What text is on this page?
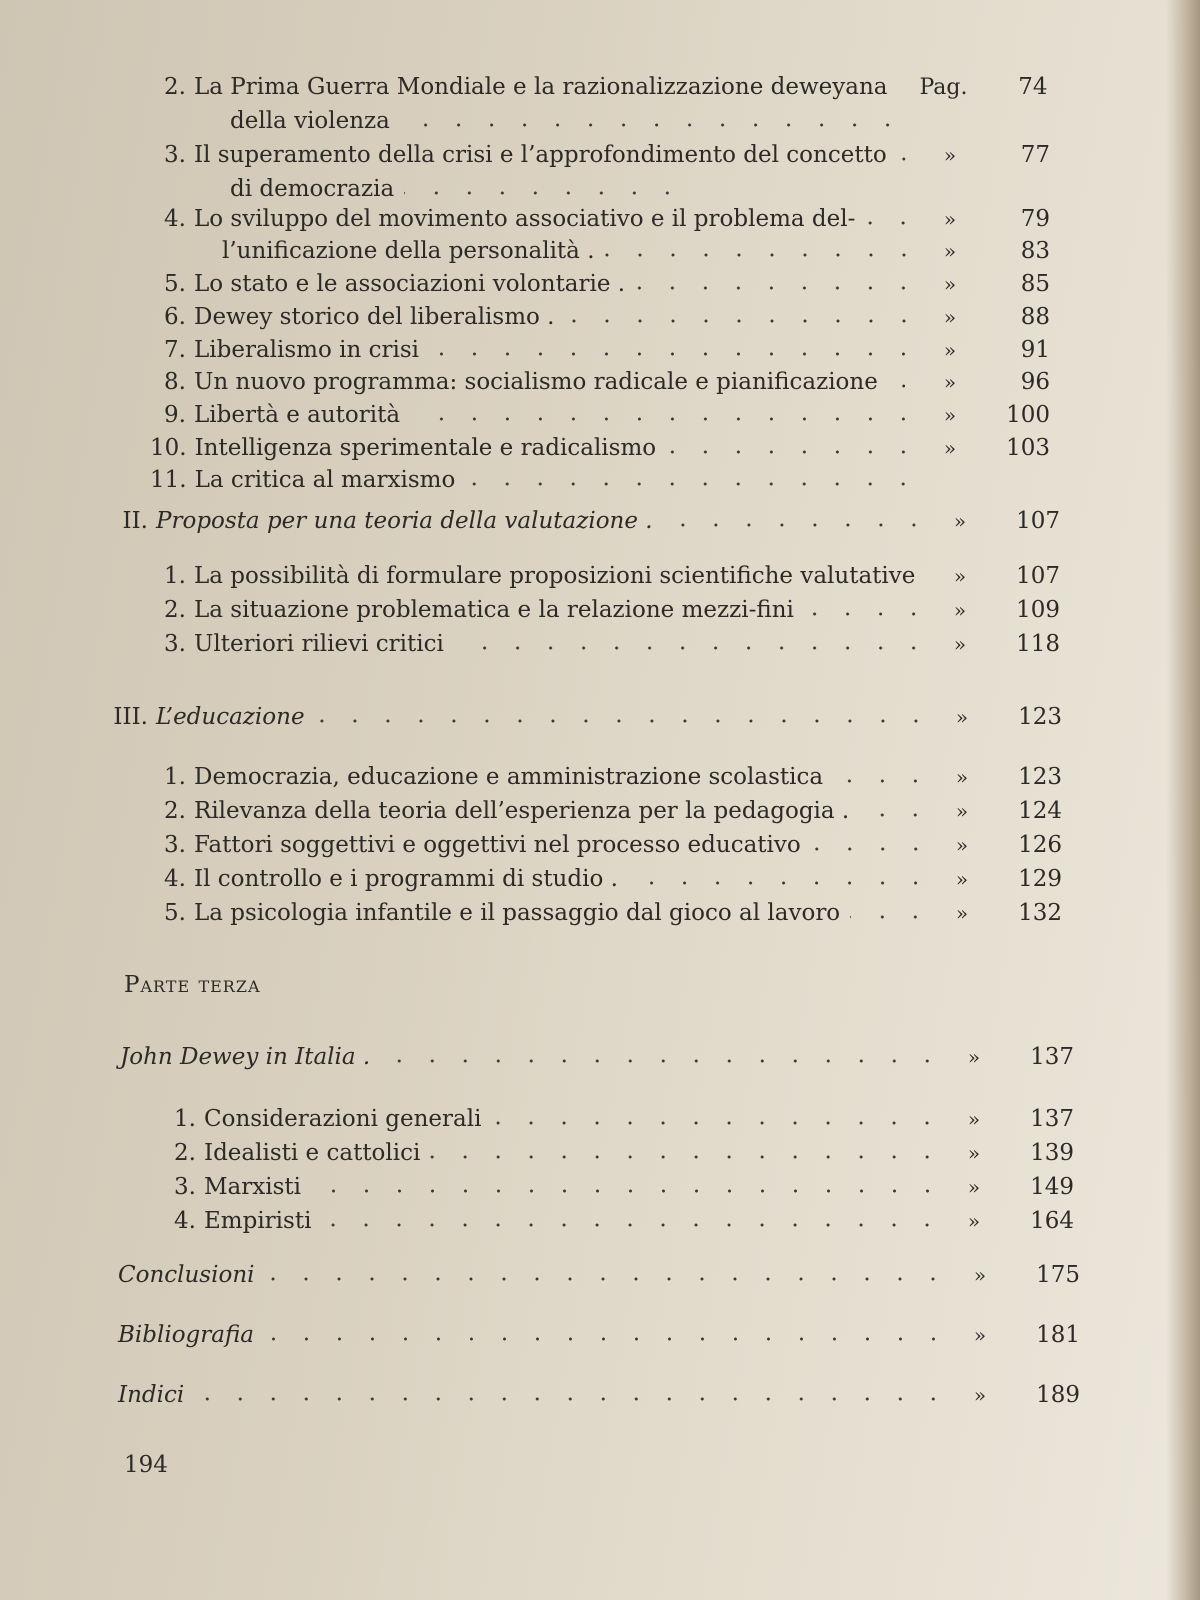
2. La Prima Guerra Mondiale e la razionalizzazione deweyana	Pag.	74
della violenza
3. Il superamento della crisi e l’approfondimento del concetto	»	77
di democrazia
4. Lo sviluppo del movimento associativo e il problema del-	»	79
l’unificazione della personalità .	»	83
5. Lo stato e le associazioni volontarie .	»	85
6. Dewey storico del liberalismo .	»	88
7. Liberalismo in crisi	»	91
8. Un nuovo programma: socialismo radicale e pianificazione	»	96
9. Libertà e autorità	»	100
10. Intelligenza sperimentale e radicalismo	»	103
11. La critica al marxismo
II. Proposta per una teoria della valutazione .	»	107
1. La possibilità di formulare proposizioni scientifiche valutative	»	107
2. La situazione problematica e la relazione mezzi-fini	»	109
3. Ulteriori rilievi critici	»	118
III. L’educazione	»	123
1. Democrazia, educazione e amministrazione scolastica	»	123
2. Rilevanza della teoria dell’esperienza per la pedagogia .	»	124
3. Fattori soggettivi e oggettivi nel processo educativo	»	126
4. Il controllo e i programmi di studio .	»	129
5. La psicologia infantile e il passaggio dal gioco al lavoro	»	132
Parte terza
John Dewey in Italia .	»	137
1. Considerazioni generali	»	137
2. Idealisti e cattolici	»	139
3. Marxisti	»	149
4. Empiristi	»	164
Conclusioni	»	175
Bibliografia	»	181
Indici	»	189
194
